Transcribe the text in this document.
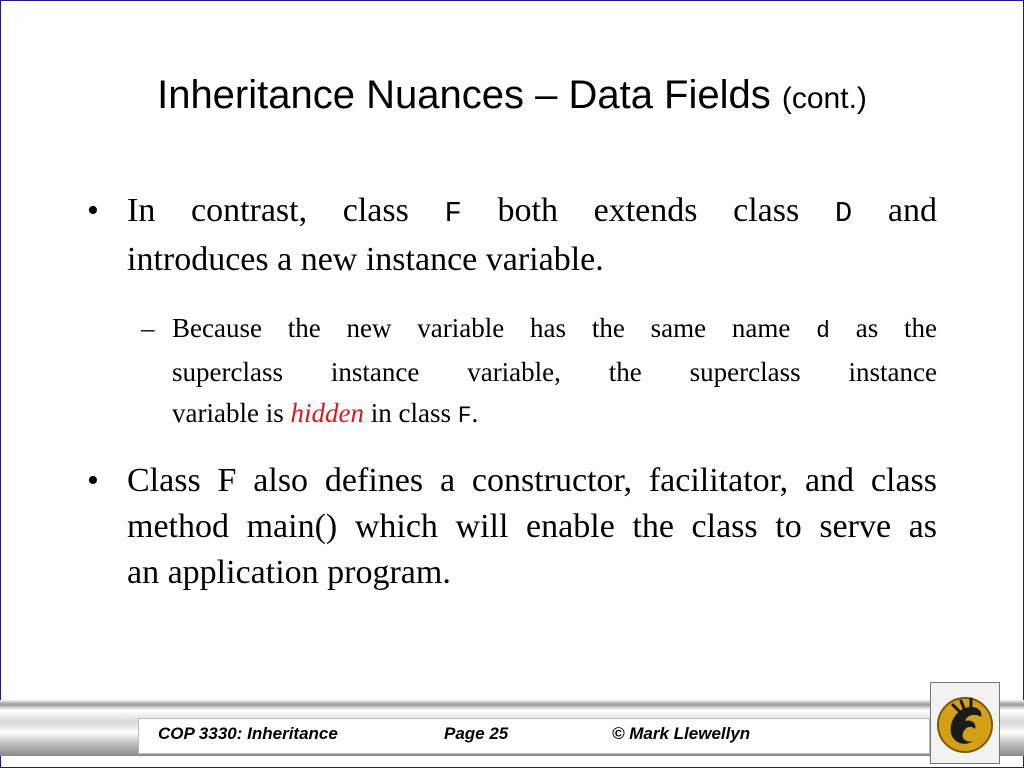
Inheritance Nuances – Data Fields (cont.)
• In contrast, class F both extends class D and
introduces a new instance variable.
– Because the new variable has the same name d as the
superclass instance variable, the superclass instance
variable is hidden in class F.
• Class F also defines a constructor, facilitator, and class
method main() which will enable the class to serve as
an application program.
COP 3330: Inheritance	Page 25	© Mark Llewellyn
